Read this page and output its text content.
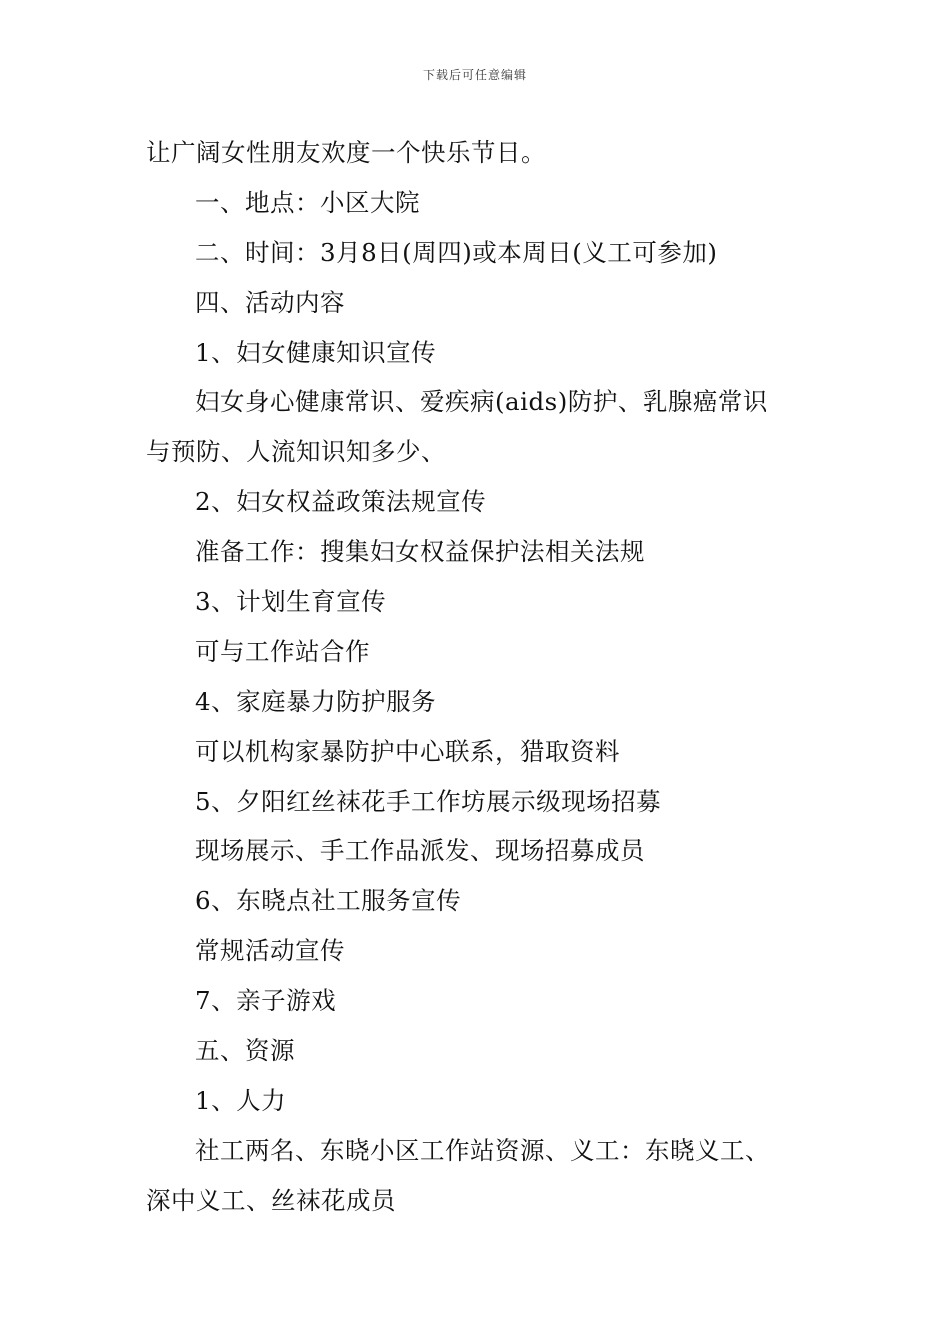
下载后可任意编辑
让广阔女性朋友欢度一个快乐节日。
一、地点：小区大院
二、时间：3月8日(周四)或本周日(义工可参加)
四、活动内容
1、妇女健康知识宣传
妇女身心健康常识、爱疾病(aids)防护、乳腺癌常识
与预防、人流知识知多少、
2、妇女权益政策法规宣传
准备工作：搜集妇女权益保护法相关法规
3、计划生育宣传
可与工作站合作
4、家庭暴力防护服务
可以机构家暴防护中心联系，猎取资料
5、夕阳红丝袜花手工作坊展示级现场招募
现场展示、手工作品派发、现场招募成员
6、东晓点社工服务宣传
常规活动宣传
7、亲子游戏
五、资源
1、人力
社工两名、东晓小区工作站资源、义工：东晓义工、
深中义工、丝袜花成员
